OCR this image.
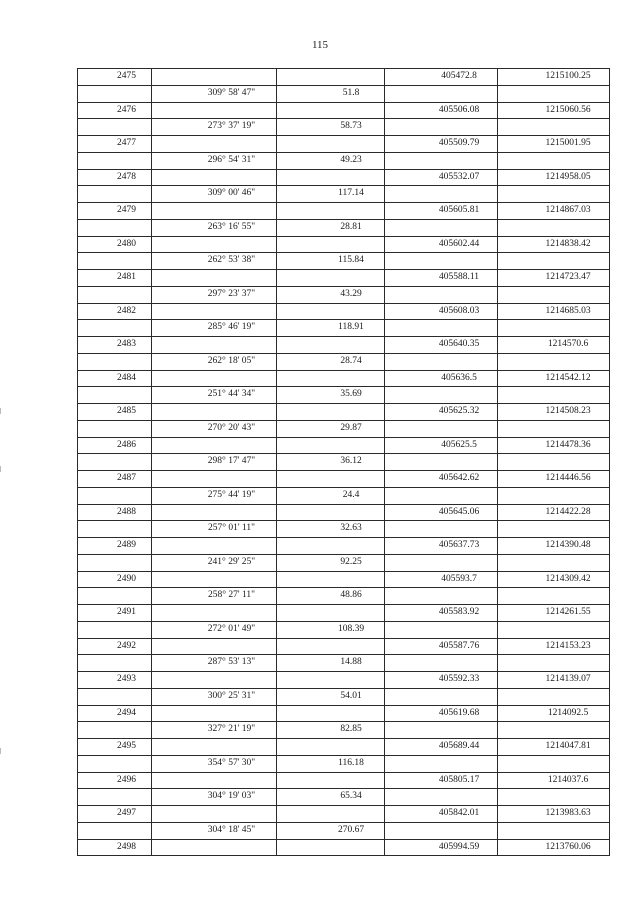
115
2475			405472.8	1215100.25
	309° 58' 47"	51.8		
2476			405506.08	1215060.56
	273° 37' 19"	58.73		
2477			405509.79	1215001.95
	296° 54' 31"	49.23		
2478			405532.07	1214958.05
	309° 00' 46"	117.14		
2479			405605.81	1214867.03
	263° 16' 55"	28.81		
2480			405602.44	1214838.42
	262° 53' 38"	115.84		
2481			405588.11	1214723.47
	297° 23' 37"	43.29		
2482			405608.03	1214685.03
	285° 46' 19"	118.91		
2483			405640.35	1214570.6
	262° 18' 05"	28.74		
2484			405636.5	1214542.12
	251° 44' 34"	35.69		
2485			405625.32	1214508.23
	270° 20' 43"	29.87		
2486			405625.5	1214478.36
	298° 17' 47"	36.12		
2487			405642.62	1214446.56
	275° 44' 19"	24.4		
2488			405645.06	1214422.28
	257° 01' 11"	32.63		
2489			405637.73	1214390.48
	241° 29' 25"	92.25		
2490			405593.7	1214309.42
	258° 27' 11"	48.86		
2491			405583.92	1214261.55
	272° 01' 49"	108.39		
2492			405587.76	1214153.23
	287° 53' 13"	14.88		
2493			405592.33	1214139.07
	300° 25' 31"	54.01		
2494			405619.68	1214092.5
	327° 21' 19"	82.85		
2495			405689.44	1214047.81
	354° 57' 30"	116.18		
2496			405805.17	1214037.6
	304° 19' 03"	65.34		
2497			405842.01	1213983.63
	304° 18' 45"	270.67		
2498			405994.59	1213760.06
